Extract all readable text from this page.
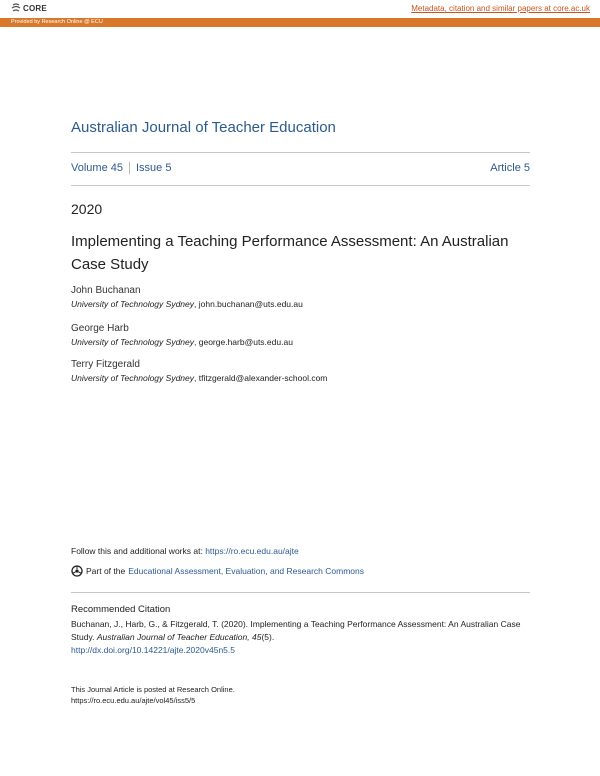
CORE	Metadata, citation and similar papers at core.ac.uk
Provided by Research Online @ ECU
Australian Journal of Teacher Education
Volume 45 Issue 5	Article 5
2020
Implementing a Teaching Performance Assessment: An Australian Case Study
John Buchanan
University of Technology Sydney, john.buchanan@uts.edu.au
George Harb
University of Technology Sydney, george.harb@uts.edu.au
Terry Fitzgerald
University of Technology Sydney, tfitzgerald@alexander-school.com
Follow this and additional works at: https://ro.ecu.edu.au/ajte
Part of the Educational Assessment, Evaluation, and Research Commons
Recommended Citation
Buchanan, J., Harb, G., & Fitzgerald, T. (2020). Implementing a Teaching Performance Assessment: An Australian Case Study. Australian Journal of Teacher Education, 45(5).
http://dx.doi.org/10.14221/ajte.2020v45n5.5
This Journal Article is posted at Research Online.
https://ro.ecu.edu.au/ajte/vol45/iss5/5
